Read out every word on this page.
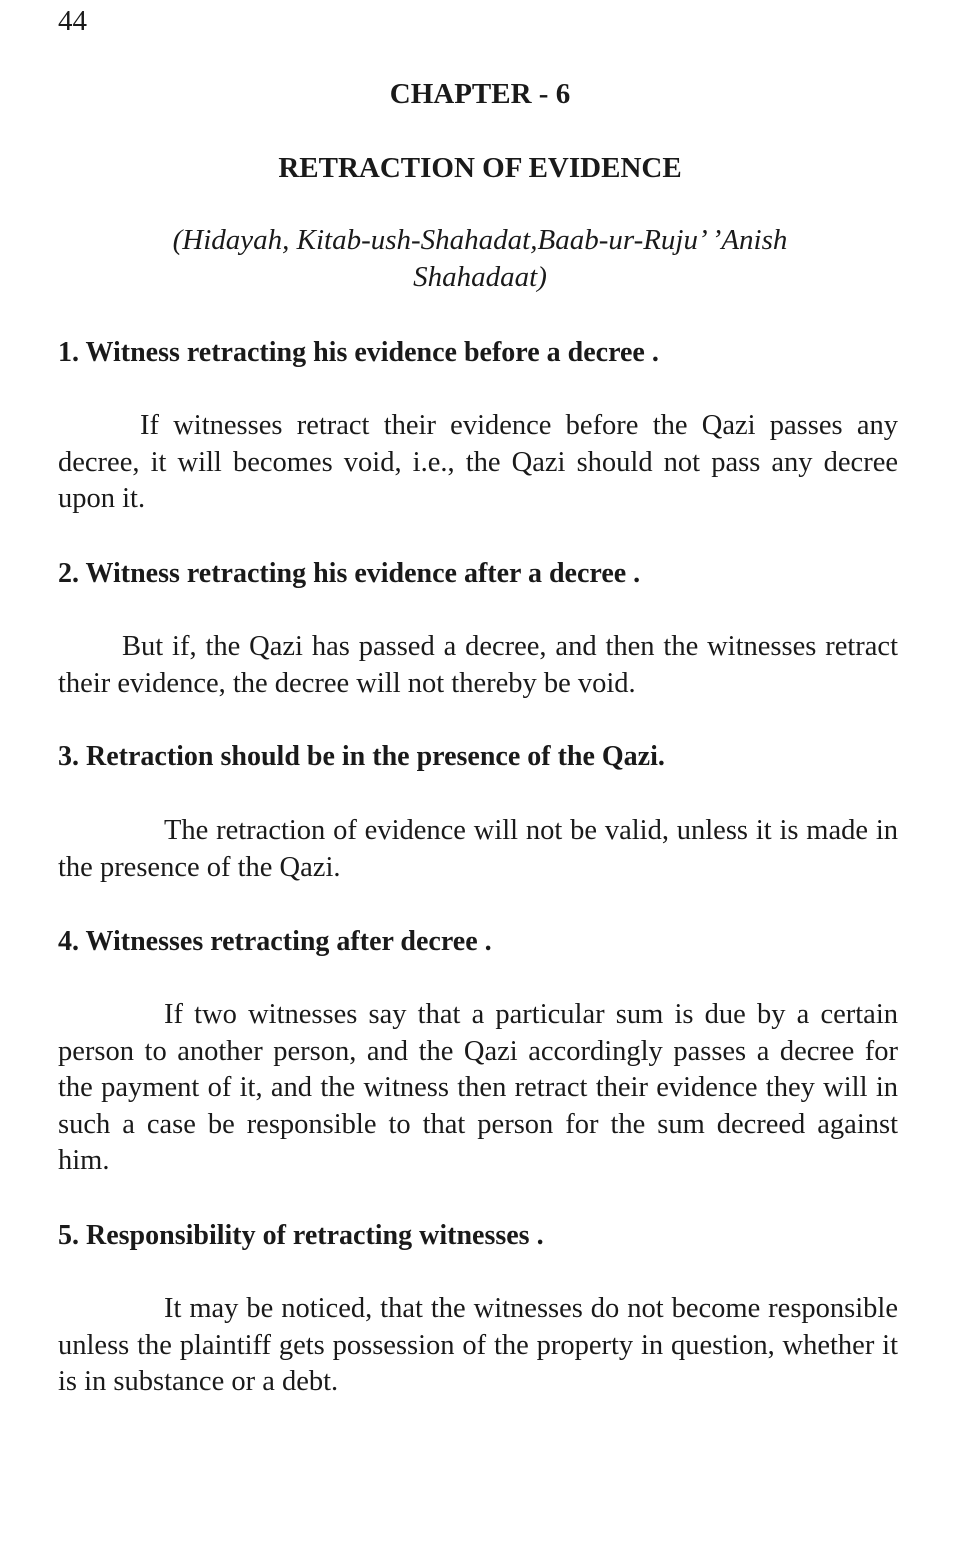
44

CHAPTER - 6
RETRACTION OF EVIDENCE

(Hidayah, Kitab-ush-Shahadat,Baab-ur-Ruju’ ’Anish Shahadaat)

1. Witness retracting his evidence before a decree .

If witnesses retract their evidence before the Qazi passes any decree, it will becomes void, i.e., the Qazi should not pass any decree upon it.

2. Witness retracting his evidence after a decree .

But if, the Qazi has passed a decree, and then the witnesses retract their evidence, the decree will not thereby be void.

3. Retraction should be in the presence of the Qazi.

The retraction of evidence will not be valid, unless it is made in the presence of the Qazi.

4. Witnesses retracting after decree .

If two witnesses say that a particular sum is due by a certain person to another person, and the Qazi accordingly passes a decree for the payment of it, and the witness then retract their evidence they will in such a case be responsible to that person for the sum decreed against him.

5. Responsibility of retracting witnesses .

It may be noticed, that the witnesses do not become responsible unless the plaintiff gets possession of the property in question, whether it is in substance or a debt.
